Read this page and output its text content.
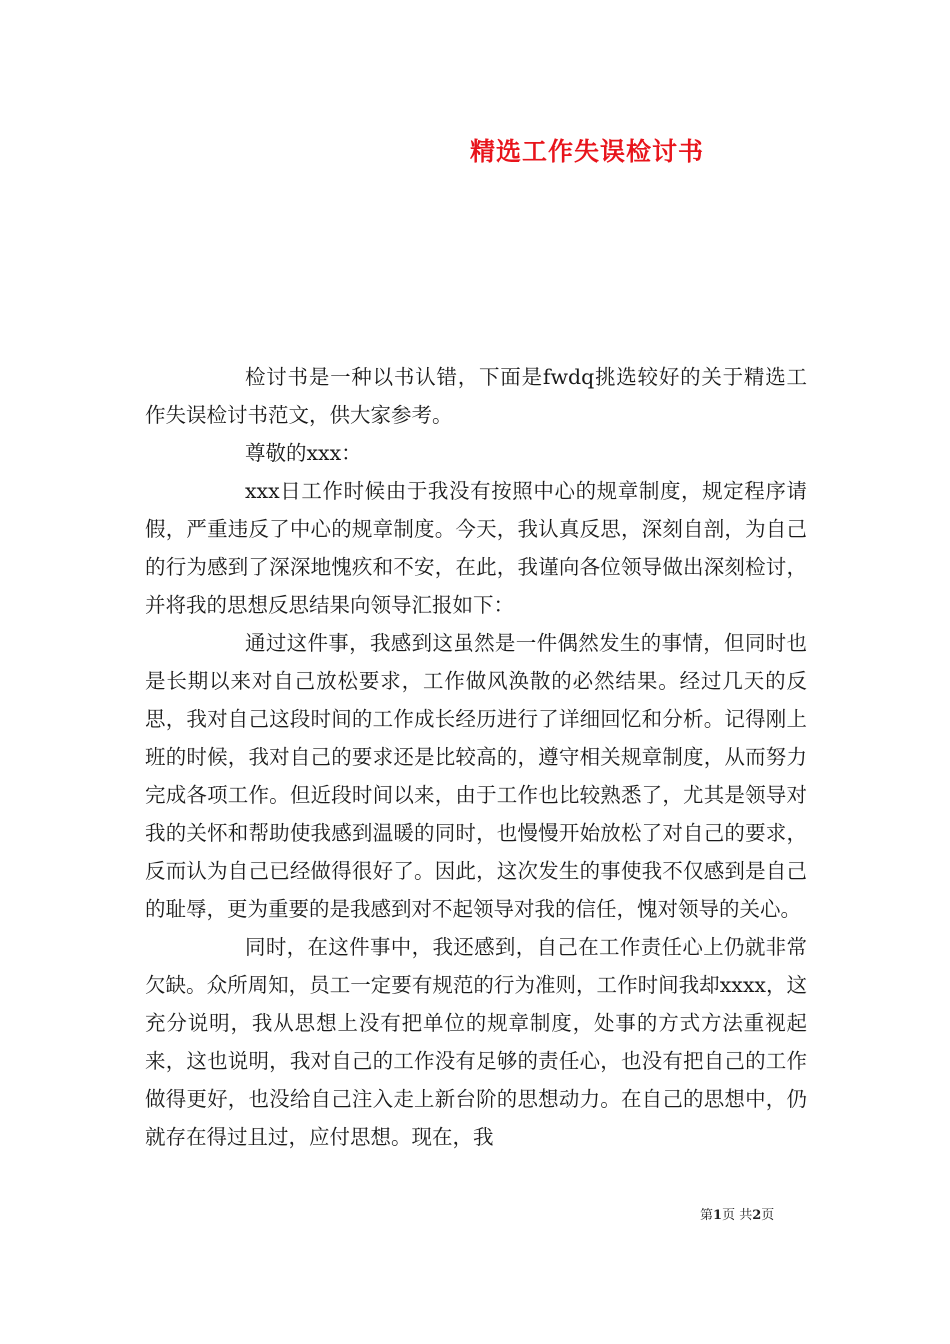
精选工作失误检讨书

检讨书是一种以书认错，下面是fwdq挑选较好的关于精选工作失误检讨书范文，供大家参考。

尊敬的xxx：

xxx日工作时候由于我没有按照中心的规章制度，规定程序请假，严重违反了中心的规章制度。今天，我认真反思，深刻自剖，为自己的行为感到了深深地愧疚和不安，在此，我谨向各位领导做出深刻检讨，并将我的思想反思结果向领导汇报如下：

通过这件事，我感到这虽然是一件偶然发生的事情，但同时也是长期以来对自己放松要求，工作做风涣散的必然结果。经过几天的反思，我对自己这段时间的工作成长经历进行了详细回忆和分析。记得刚上班的时候，我对自己的要求还是比较高的，遵守相关规章制度，从而努力完成各项工作。但近段时间以来，由于工作也比较熟悉了，尤其是领导对我的关怀和帮助使我感到温暖的同时，也慢慢开始放松了对自己的要求，反而认为自己已经做得很好了。因此，这次发生的事使我不仅感到是自己的耻辱，更为重要的是我感到对不起领导对我的信任，愧对领导的关心。

同时，在这件事中，我还感到，自己在工作责任心上仍就非常欠缺。众所周知，员工一定要有规范的行为准则，工作时间我却xxxx，这充分说明，我从思想上没有把单位的规章制度，处事的方式方法重视起来，这也说明，我对自己的工作没有足够的责任心，也没有把自己的工作做得更好，也没给自己注入走上新台阶的思想动力。在自己的思想中，仍就存在得过且过，应付思想。现在，我

第1页 共2页
